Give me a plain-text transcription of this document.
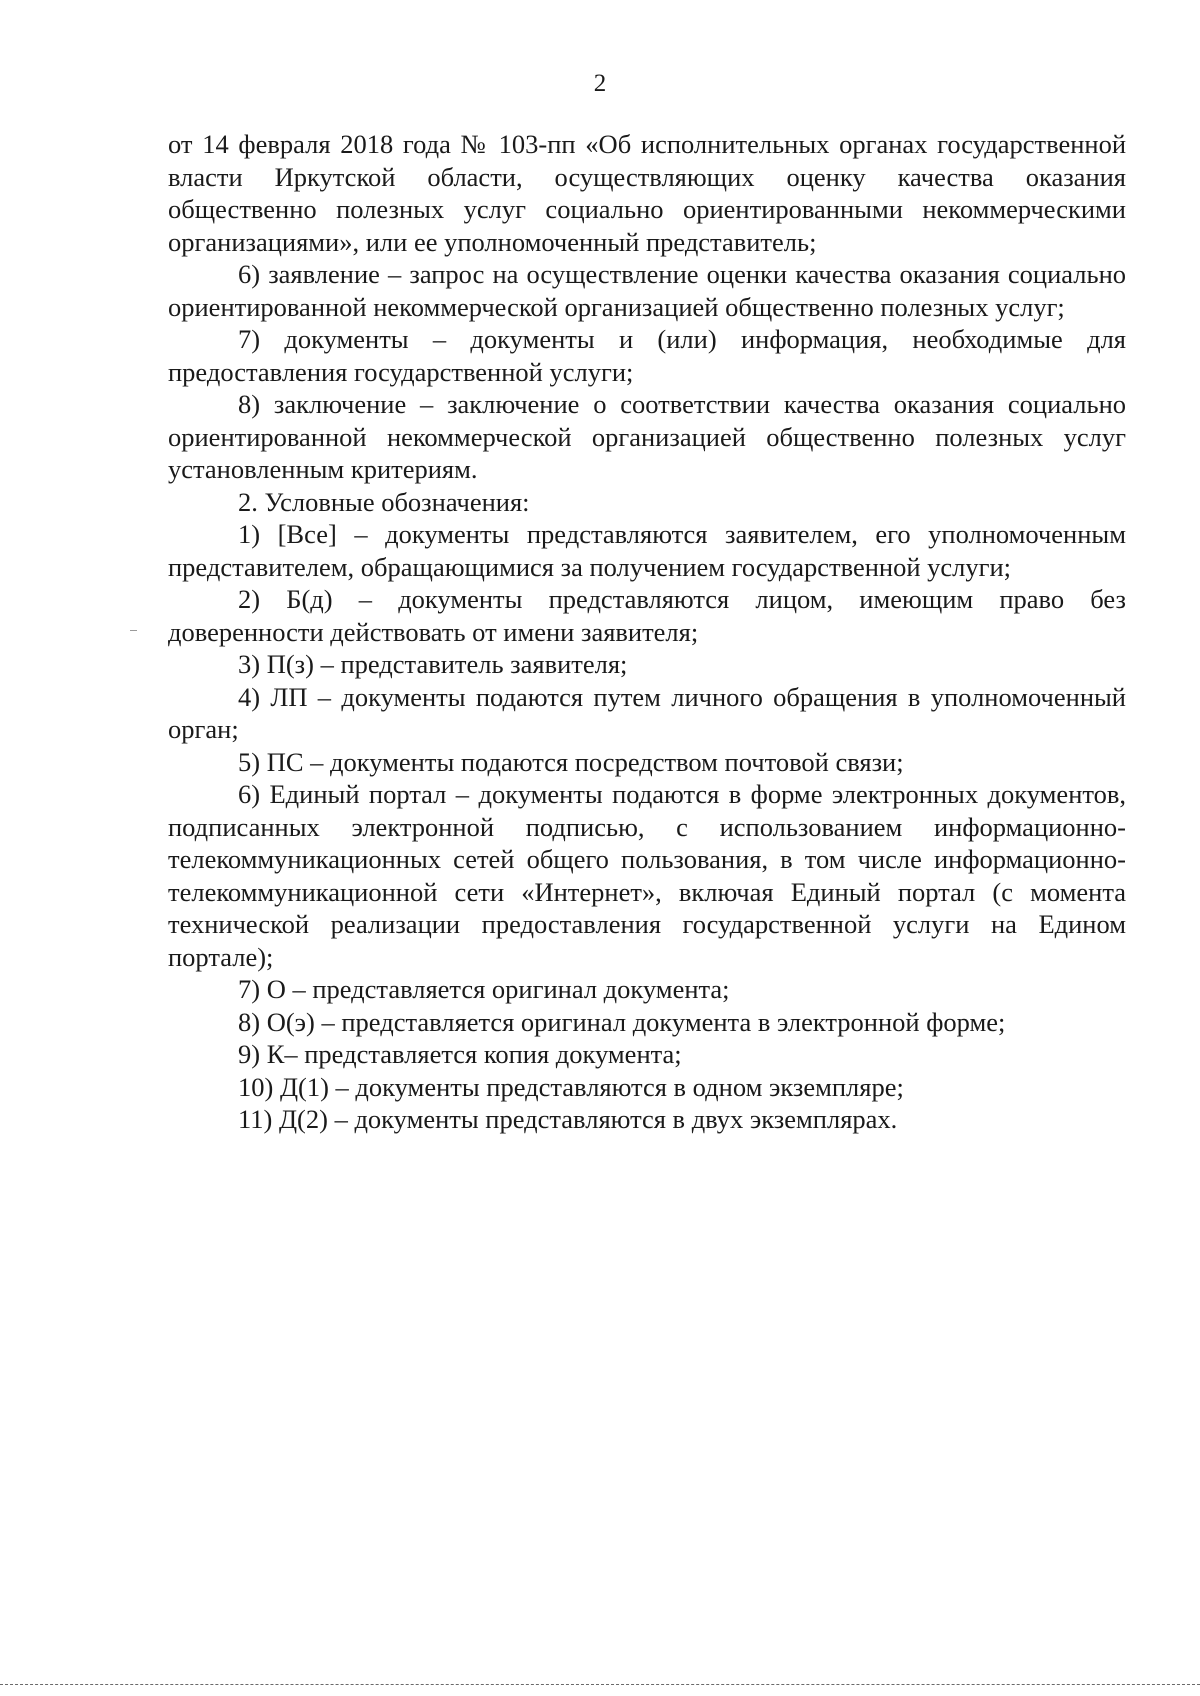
2

от 14 февраля 2018 года № 103-пп «Об исполнительных органах государственной власти Иркутской области, осуществляющих оценку качества оказания общественно полезных услуг социально ориентированными некоммерческими организациями», или ее уполномоченный представитель;

6) заявление – запрос на осуществление оценки качества оказания социально ориентированной некоммерческой организацией общественно полезных услуг;

7) документы – документы и (или) информация, необходимые для предоставления государственной услуги;

8) заключение – заключение о соответствии качества оказания социально ориентированной некоммерческой организацией общественно полезных услуг установленным критериям.

2. Условные обозначения:

1) [Все] – документы представляются заявителем, его уполномоченным представителем, обращающимися за получением государственной услуги;

2) Б(д) – документы представляются лицом, имеющим право без доверенности действовать от имени заявителя;

3) П(з) – представитель заявителя;

4) ЛП – документы подаются путем личного обращения в уполномоченный орган;

5) ПС – документы подаются посредством почтовой связи;

6) Единый портал – документы подаются в форме электронных документов, подписанных электронной подписью, с использованием информационно-телекоммуникационных сетей общего пользования, в том числе информационно-телекоммуникационной сети «Интернет», включая Единый портал (с момента технической реализации предоставления государственной услуги на Едином портале);

7) О – представляется оригинал документа;

8) О(э) – представляется оригинал документа в электронной форме;

9) К– представляется копия документа;

10) Д(1) – документы представляются в одном экземпляре;

11) Д(2) – документы представляются в двух экземплярах.
